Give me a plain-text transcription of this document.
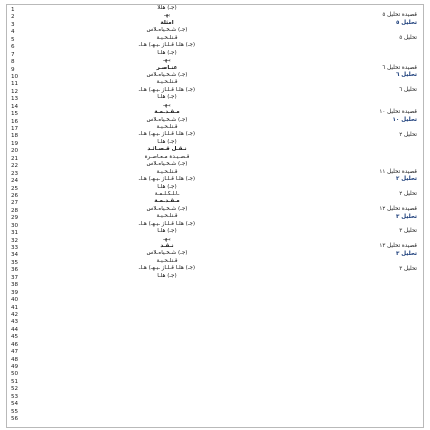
1
2
3
4
5
6
7
8
9
10
11
12
13
14
15
16
17
18
19
20
21
22
23
24
25
26
27
28
29
30
31
32
33
34
35
36
37
38
39
40
41
42
43
44
45
46
47
48
49
50
51
52
53
54
55
56
(جـ) هللا
بهـ
أمثلة
(جـ) شـخـياه‌ـلاس
قـنلـحـيـة
(جـ) هلـا قـلـاز ـيـهـ) هـأـ
(جـ) هلـا
بـهـ
عنـاصـر
(جـ) شـخـياه‌ـلاس
قـنلـحـيـة
(جـ) هلـا قـلـاز ـيـهـ) هـأـ
(جـ) هلـا
بـهـ
مـقـدـمـة
(جـ) شـخـياه‌ـلاس
قـنلـحـيـة
(جـ) هلـا قـلـاز ـيـهـ) هـأـ
(جـ) هلـا
نـقـل قـصـائـد
قـصـيـدة مـعـاصـرة
(جـ) شـخـياه‌ـلاس
قـنلـحـيـة
(جـ) هلـا قـلـاز ـيـهـ) هـأـ
(جـ) هلـا
ـاـلـكـلـمـة
مـقـدـمـة
(جـ) شـخـياه‌ـلاس
قـنلـحـيـة
(جـ) هلـا قـلـاز ـيـهـ) هـأـ
(جـ) هلـا
بـهـ
نـقـد
(جـ) شـخـياه‌ـلاس
قـنلـحـيـة
(جـ) هلـا قـلـاز ـيـهـ) هـأـ
(جـ) هلـا
قصيدة تحليل ٥
تحليل ٥
تحليل ٥
قصيدة تحليل ٦
تحليل ٦
تحليل ٦
قصيدة تحليل ١٠
تحليل ١٠
تحليل ٢
قصيدة تحليل ١١
تحليل ٢
تحليل ٢
قصيدة تحليل ١٢
تحليل ٣
تحليل ٣
قصيدة تحليل ١٣
تحليل ٣
تحليل ٣
